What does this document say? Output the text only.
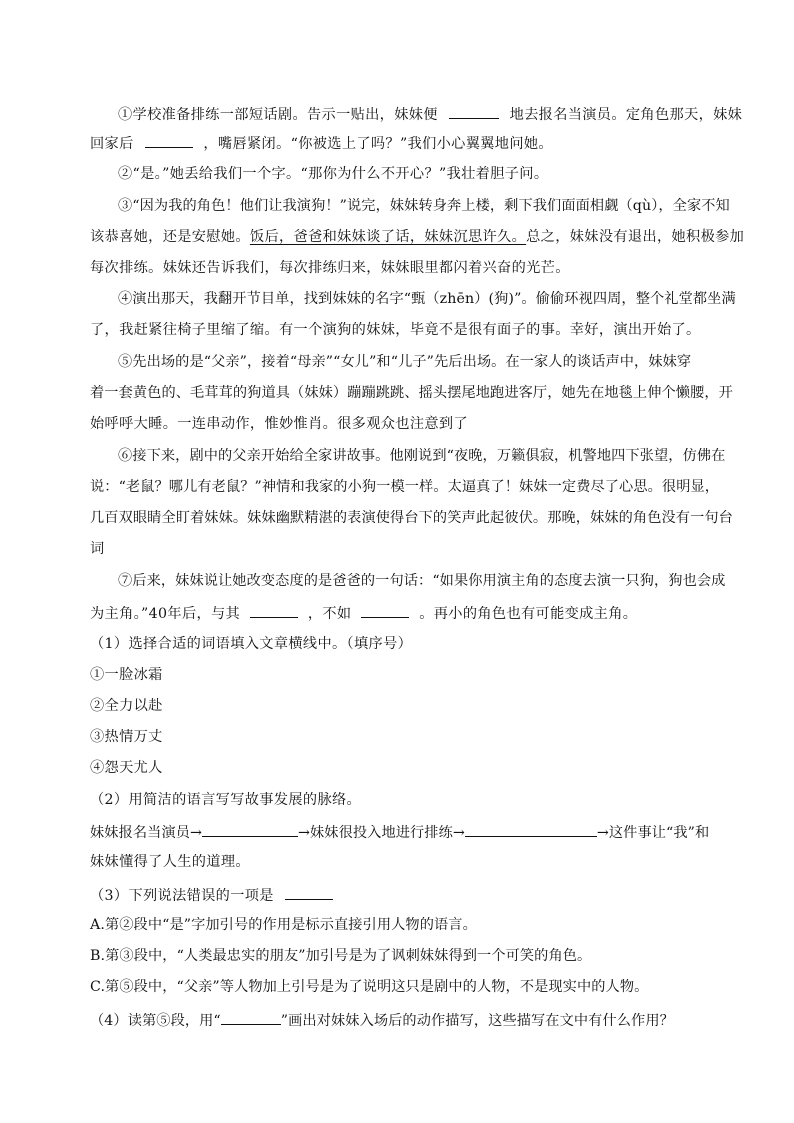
①学校准备排练一部短话剧。告示一贴出，妹妹便	地去报名当演员。定角色那天，妹妹
回家后	，嘴唇紧闭。“你被选上了吗？”我们小心翼翼地问她。
②“是。”她丢给我们一个字。“那你为什么不开心？”我壮着胆子问。
③“因为我的角色！他们让我演狗！”说完，妹妹转身奔上楼，剩下我们面面相觑（qù），全家不知
该恭喜她，还是安慰她。饭后，爸爸和妹妹谈了话，妹妹沉思许久。总之，妹妹没有退出，她积极参加
每次排练。妹妹还告诉我们，每次排练归来，妹妹眼里都闪着兴奋的光芒。
④演出那天，我翻开节目单，找到妹妹的名字“甄（zhēn）(狗)”。偷偷环视四周，整个礼堂都坐满
了，我赶紧往椅子里缩了缩。有一个演狗的妹妹，毕竟不是很有面子的事。幸好，演出开始了。
⑤先出场的是“父亲”，接着“母亲”“女儿”和“儿子”先后出场。在一家人的谈话声中，妹妹穿
着一套黄色的、毛茸茸的狗道具（妹妹）蹦蹦跳跳、摇头摆尾地跑进客厅，她先在地毯上伸个懒腰，开
始呼呼大睡。一连串动作，惟妙惟肖。很多观众也注意到了
⑥接下来，剧中的父亲开始给全家讲故事。他刚说到“夜晚，万籁俱寂，机警地四下张望，仿佛在
说：“老鼠？哪儿有老鼠？”神情和我家的小狗一模一样。太逼真了！妹妹一定费尽了心思。很明显，
几百双眼睛全盯着妹妹。妹妹幽默精湛的表演使得台下的笑声此起彼伏。那晚，妹妹的角色没有一句台
词
⑦后来，妹妹说让她改变态度的是爸爸的一句话：“如果你用演主角的态度去演一只狗，狗也会成
为主角。”40年后，与其	，不如	。再小的角色也有可能变成主角。
（1）选择合适的词语填入文章横线中。（填序号）
①一脸冰霜
②全力以赴
③热情万丈
④怨天尤人
（2）用简洁的语言写写故事发展的脉络。
妹妹报名当演员→	→妹妹很投入地进行排练→	→这件事让“我”和
妹妹懂得了人生的道理。
（3）下列说法错误的一项是
A.第②段中“是”字加引号的作用是标示直接引用人物的语言。
B.第③段中，“人类最忠实的朋友”加引号是为了讽刺妹妹得到一个可笑的角色。
C.第⑤段中，“父亲”等人物加上引号是为了说明这只是剧中的人物，不是现实中的人物。
（4）读第⑤段，用“	”画出对妹妹入场后的动作描写，这些描写在文中有什么作用？
